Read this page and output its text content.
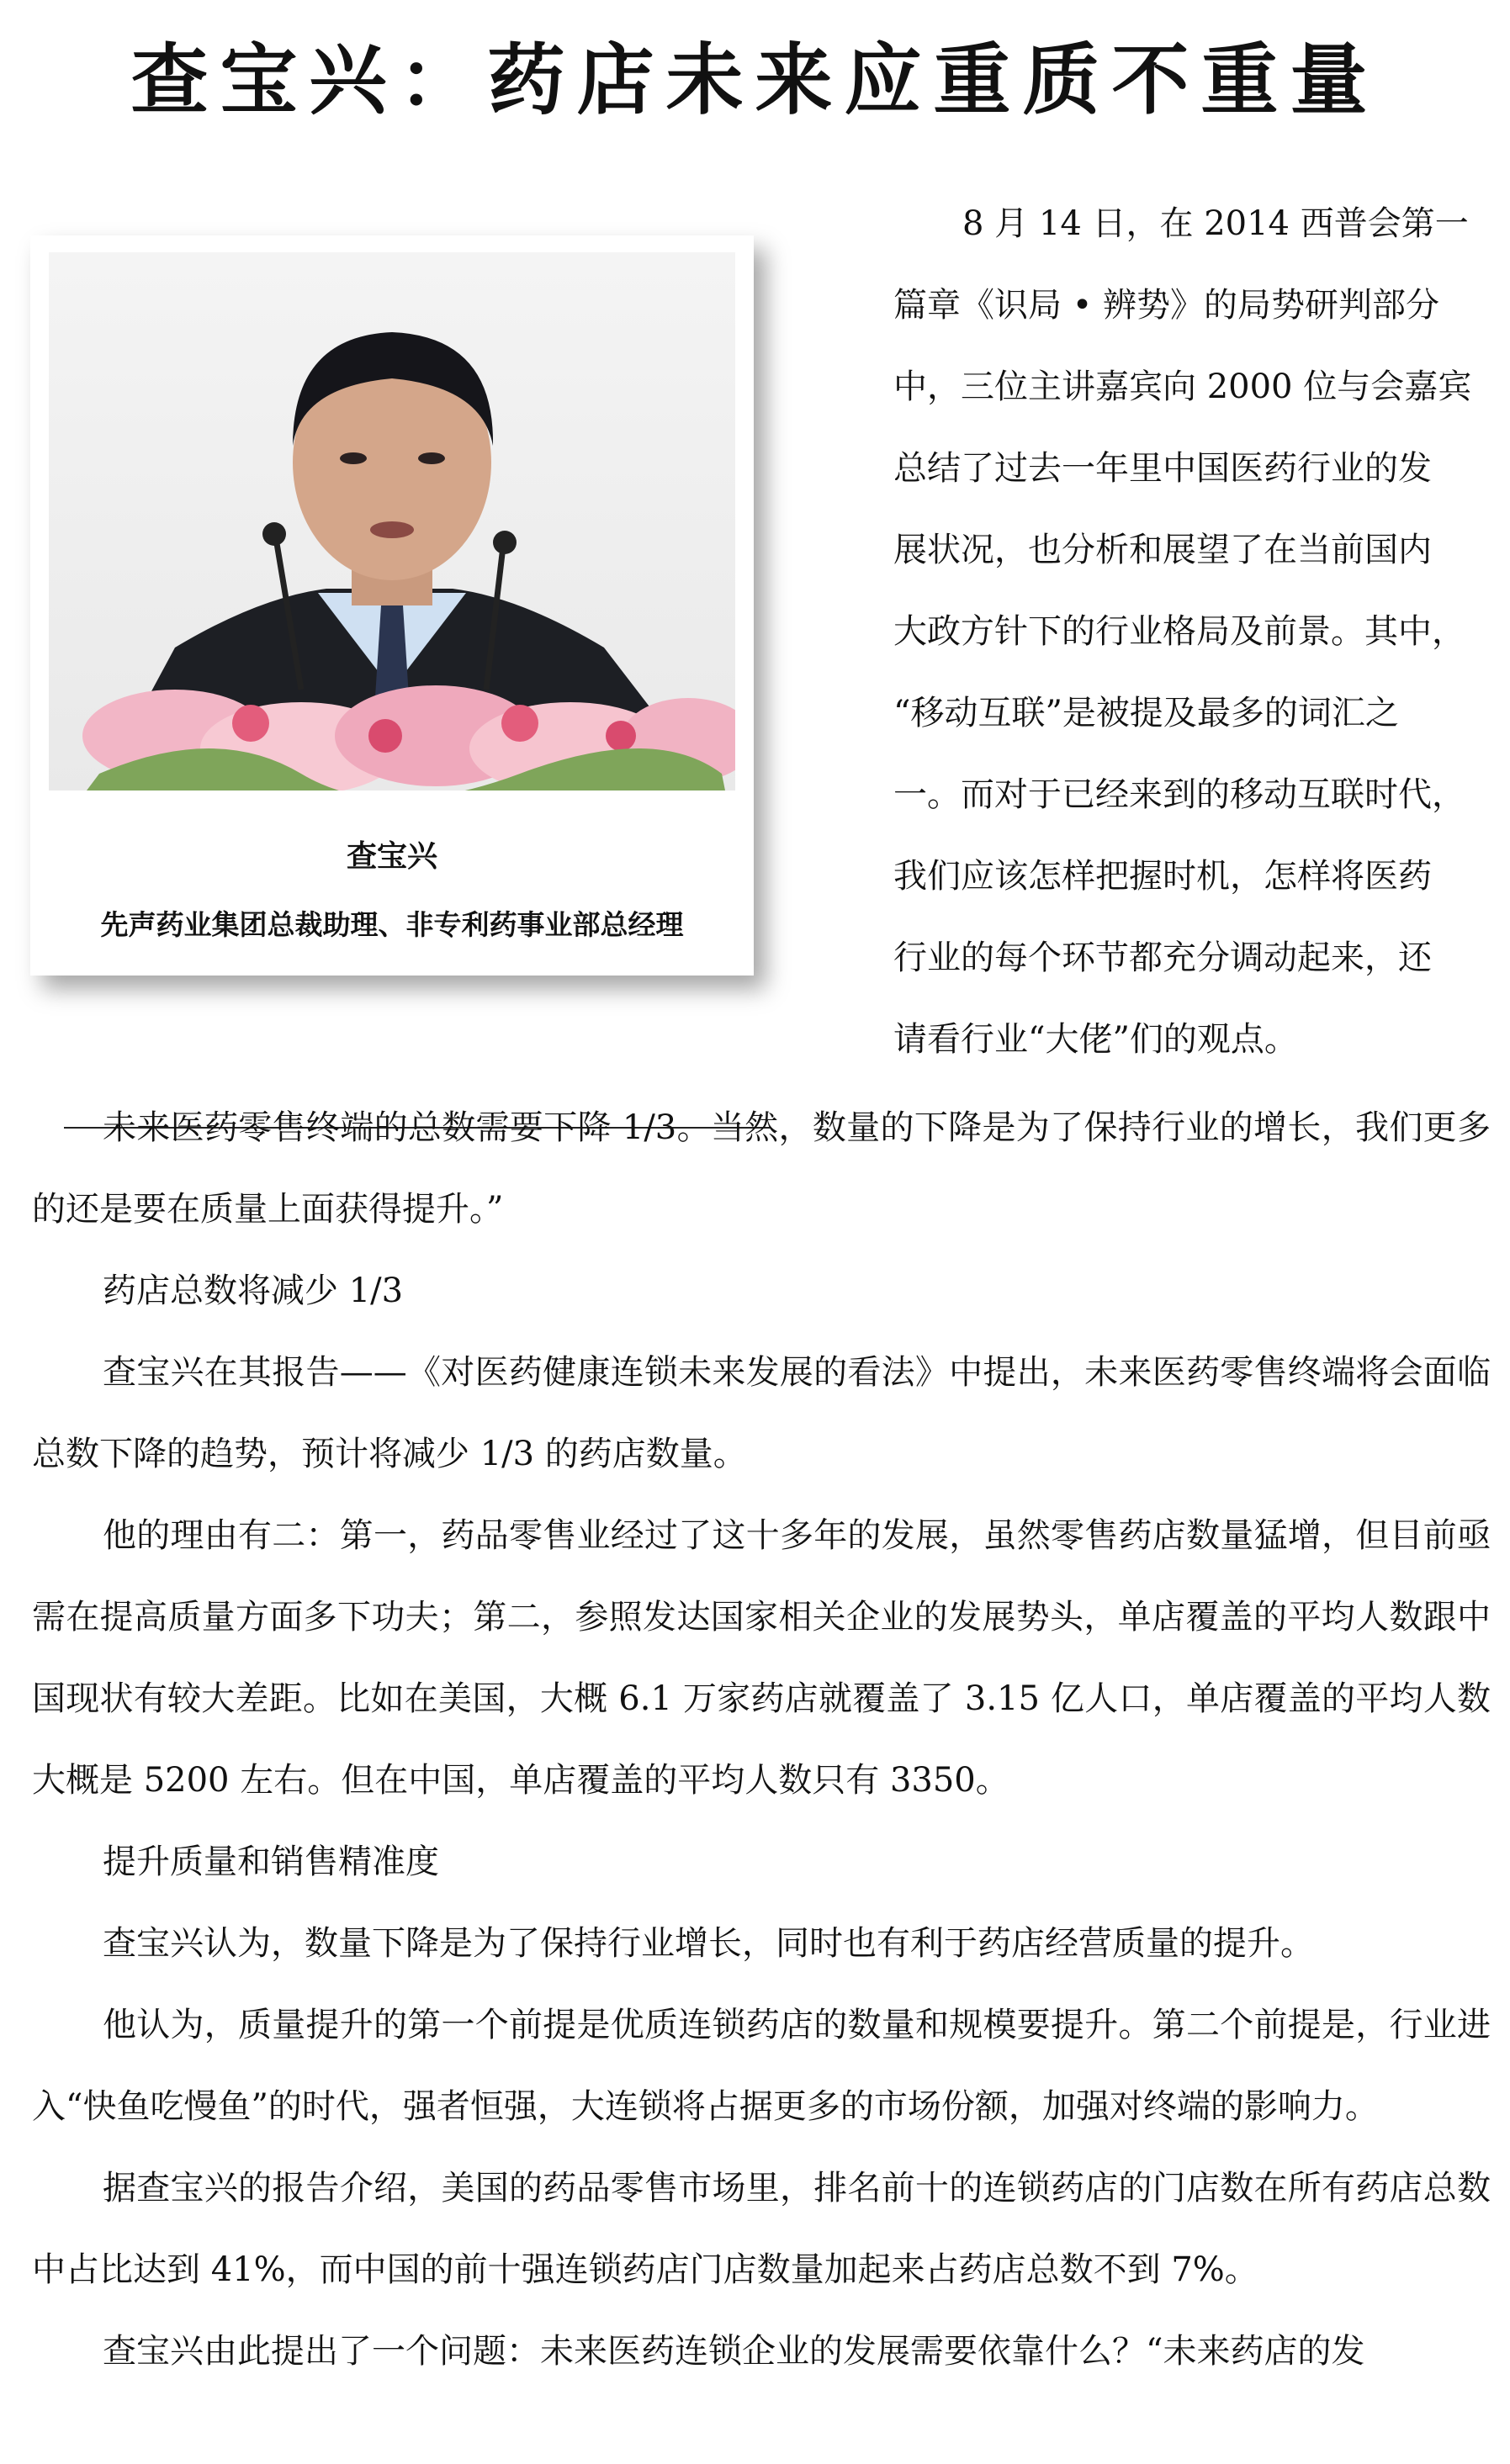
查宝兴：药店未来应重质不重量
查宝兴
先声药业集团总裁助理、非专利药事业部总经理

8 月 14 日，在 2014 西普会第一

篇章《识局 • 辨势》的局势研判部分

中，三位主讲嘉宾向 2000 位与会嘉宾

总结了过去一年里中国医药行业的发

展状况，也分析和展望了在当前国内

大政方针下的行业格局及前景。其中，

“移动互联”是被提及最多的词汇之

一。而对于已经来到的移动互联时代，

我们应该怎样把握时机，怎样将医药

行业的每个环节都充分调动起来，还

请看行业“大佬”们的观点。

未来医药零售终端的总数需要下降 1/3。当然，数量的下降是为了保持行业的增长，我们更多的还是要在质量上面获得提升。”

药店总数将减少 1/3

查宝兴在其报告——《对医药健康连锁未来发展的看法》中提出，未来医药零售终端将会面临总数下降的趋势，预计将减少 1/3 的药店数量。

他的理由有二：第一，药品零售业经过了这十多年的发展，虽然零售药店数量猛增，但目前亟需在提高质量方面多下功夫；第二，参照发达国家相关企业的发展势头，单店覆盖的平均人数跟中国现状有较大差距。比如在美国，大概 6.1 万家药店就覆盖了 3.15 亿人口，单店覆盖的平均人数大概是 5200 左右。但在中国，单店覆盖的平均人数只有 3350。

提升质量和销售精准度

查宝兴认为，数量下降是为了保持行业增长，同时也有利于药店经营质量的提升。

他认为，质量提升的第一个前提是优质连锁药店的数量和规模要提升。第二个前提是，行业进入“快鱼吃慢鱼”的时代，强者恒强，大连锁将占据更多的市场份额，加强对终端的影响力。

据查宝兴的报告介绍，美国的药品零售市场里，排名前十的连锁药店的门店数在所有药店总数中占比达到 41%，而中国的前十强连锁药店门店数量加起来占药店总数不到 7%。

查宝兴由此提出了一个问题：未来医药连锁企业的发展需要依靠什么？“未来药店的发
